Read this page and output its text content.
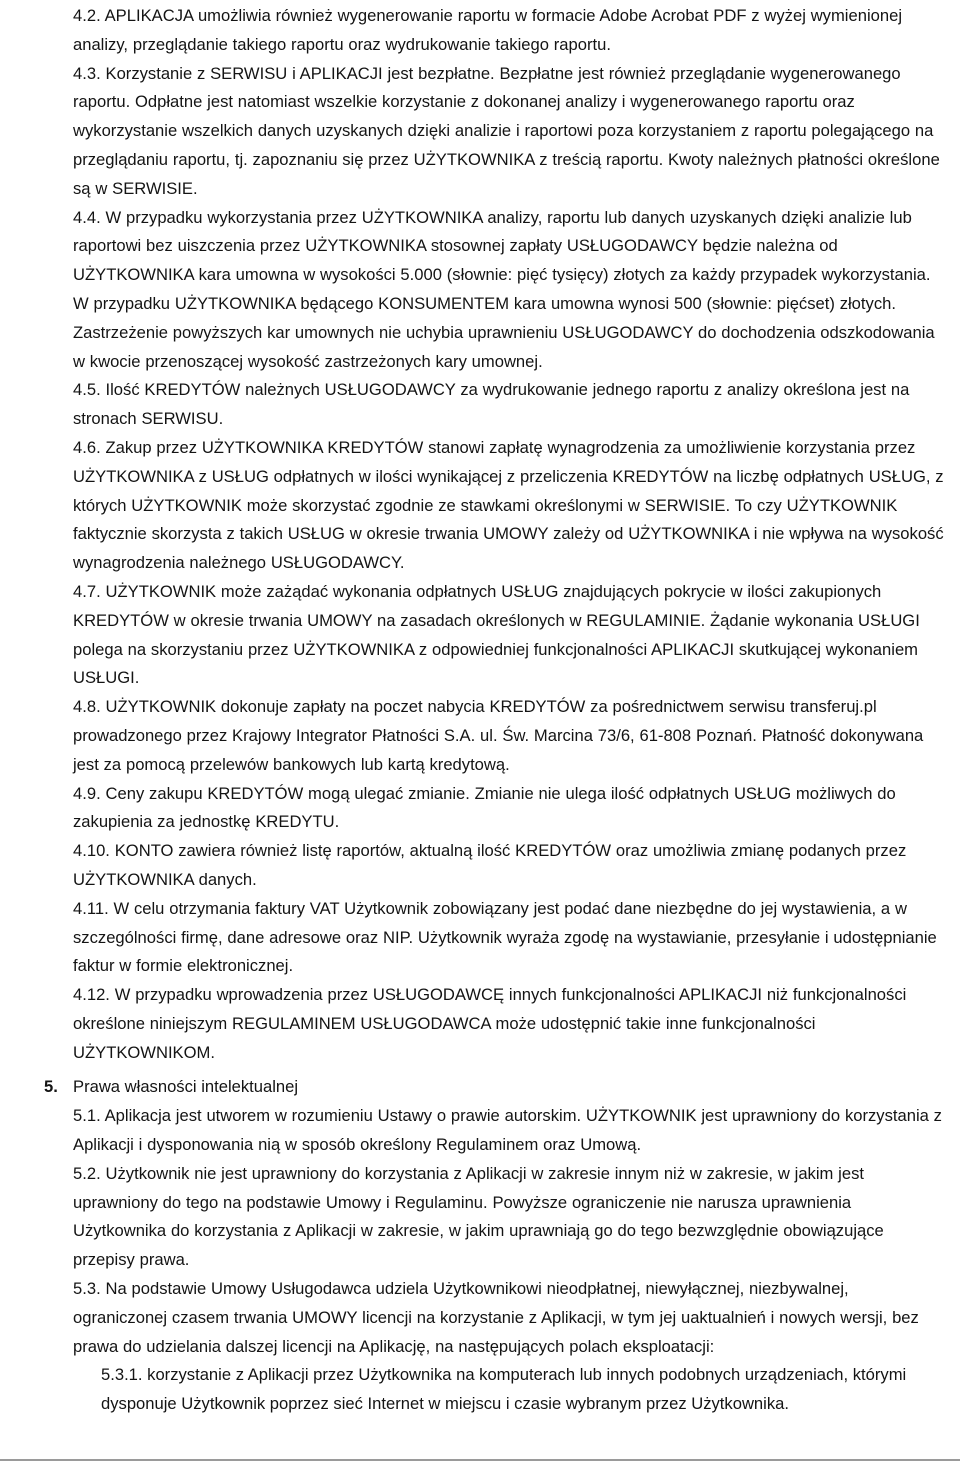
4.2. APLIKACJA umożliwia również wygenerowanie raportu w formacie Adobe Acrobat PDF z wyżej wymienionej analizy, przeglądanie takiego raportu oraz wydrukowanie takiego raportu.
4.3. Korzystanie z SERWISU i APLIKACJI jest bezpłatne. Bezpłatne jest również przeglądanie wygenerowanego raportu. Odpłatne jest natomiast wszelkie korzystanie z dokonanej analizy i wygenerowanego raportu oraz wykorzystanie wszelkich danych uzyskanych dzięki analizie i raportowi poza korzystaniem z raportu polegającego na przeglądaniu raportu, tj. zapoznaniu się przez UŻYTKOWNIKA z treścią raportu. Kwoty należnych płatności określone są w SERWISIE.
4.4. W przypadku wykorzystania przez UŻYTKOWNIKA analizy, raportu lub danych uzyskanych dzięki analizie lub raportowi bez uiszczenia przez UŻYTKOWNIKA stosownej zapłaty USŁUGODAWCY będzie należna od UŻYTKOWNIKA kara umowna w wysokości 5.000 (słownie: pięć tysięcy) złotych za każdy przypadek wykorzystania. W przypadku UŻYTKOWNIKA będącego KONSUMENTEM kara umowna wynosi 500 (słownie: pięćset) złotych. Zastrzeżenie powyższych kar umownych nie uchybia uprawnieniu USŁUGODAWCY do dochodzenia odszkodowania w kwocie przenoszącej wysokość zastrzeżonych kary umownej.
4.5. Ilość KREDYTÓW należnych USŁUGODAWCY za wydrukowanie jednego raportu z analizy określona jest na stronach SERWISU.
4.6. Zakup przez UŻYTKOWNIKA KREDYTÓW stanowi zapłatę wynagrodzenia za umożliwienie korzystania przez UŻYTKOWNIKA z USŁUG odpłatnych w ilości wynikającej z przeliczenia KREDYTÓW na liczbę odpłatnych USŁUG, z których UŻYTKOWNIK może skorzystać zgodnie ze stawkami określonymi w SERWISIE. To czy UŻYTKOWNIK faktycznie skorzysta z takich USŁUG w okresie trwania UMOWY zależy od UŻYTKOWNIKA i nie wpływa na wysokość wynagrodzenia należnego USŁUGODAWCY.
4.7. UŻYTKOWNIK może zażądać wykonania odpłatnych USŁUG znajdujących pokrycie w ilości zakupionych KREDYTÓW w okresie trwania UMOWY na zasadach określonych w REGULAMINIE. Żądanie wykonania USŁUGI polega na skorzystaniu przez UŻYTKOWNIKA z odpowiedniej funkcjonalności APLIKACJI skutkującej wykonaniem USŁUGI.
4.8. UŻYTKOWNIK dokonuje zapłaty na poczet nabycia KREDYTÓW za pośrednictwem serwisu transferuj.pl prowadzonego przez Krajowy Integrator Płatności S.A. ul. Św. Marcina 73/6, 61-808 Poznań. Płatność dokonywana jest za pomocą przelewów bankowych lub kartą kredytową.
4.9. Ceny zakupu KREDYTÓW mogą ulegać zmianie. Zmianie nie ulega ilość odpłatnych USŁUG możliwych do zakupienia za jednostkę KREDYTU.
4.10. KONTO zawiera również listę raportów, aktualną ilość KREDYTÓW oraz umożliwia zmianę podanych przez UŻYTKOWNIKA danych.
4.11. W celu otrzymania faktury VAT Użytkownik zobowiązany jest podać dane niezbędne do jej wystawienia, a w szczególności firmę, dane adresowe oraz NIP. Użytkownik wyraża zgodę na wystawianie, przesyłanie i udostępnianie faktur w formie elektronicznej.
4.12. W przypadku wprowadzenia przez USŁUGODAWCĘ innych funkcjonalności APLIKACJI niż funkcjonalności określone niniejszym REGULAMINEM USŁUGODAWCA może udostępnić takie inne funkcjonalności UŻYTKOWNIKOM.
5. Prawa własności intelektualnej
5.1. Aplikacja jest utworem w rozumieniu Ustawy o prawie autorskim. UŻYTKOWNIK jest uprawniony do korzystania z Aplikacji i dysponowania nią w sposób określony Regulaminem oraz Umową.
5.2. Użytkownik nie jest uprawniony do korzystania z Aplikacji w zakresie innym niż w zakresie, w jakim jest uprawniony do tego na podstawie Umowy i Regulaminu. Powyższe ograniczenie nie narusza uprawnienia Użytkownika do korzystania z Aplikacji w zakresie, w jakim uprawniają go do tego bezwzględnie obowiązujące przepisy prawa.
5.3. Na podstawie Umowy Usługodawca udziela Użytkownikowi nieodpłatnej, niewyłącznej, niezbywalnej, ograniczonej czasem trwania UMOWY licencji na korzystanie z Aplikacji, w tym jej uaktualnień i nowych wersji, bez prawa do udzielania dalszej licencji na Aplikację, na następujących polach eksploatacji:
5.3.1. korzystanie z Aplikacji przez Użytkownika na komputerach lub innych podobnych urządzeniach, którymi dysponuje Użytkownik poprzez sieć Internet w miejscu i czasie wybranym przez Użytkownika.
